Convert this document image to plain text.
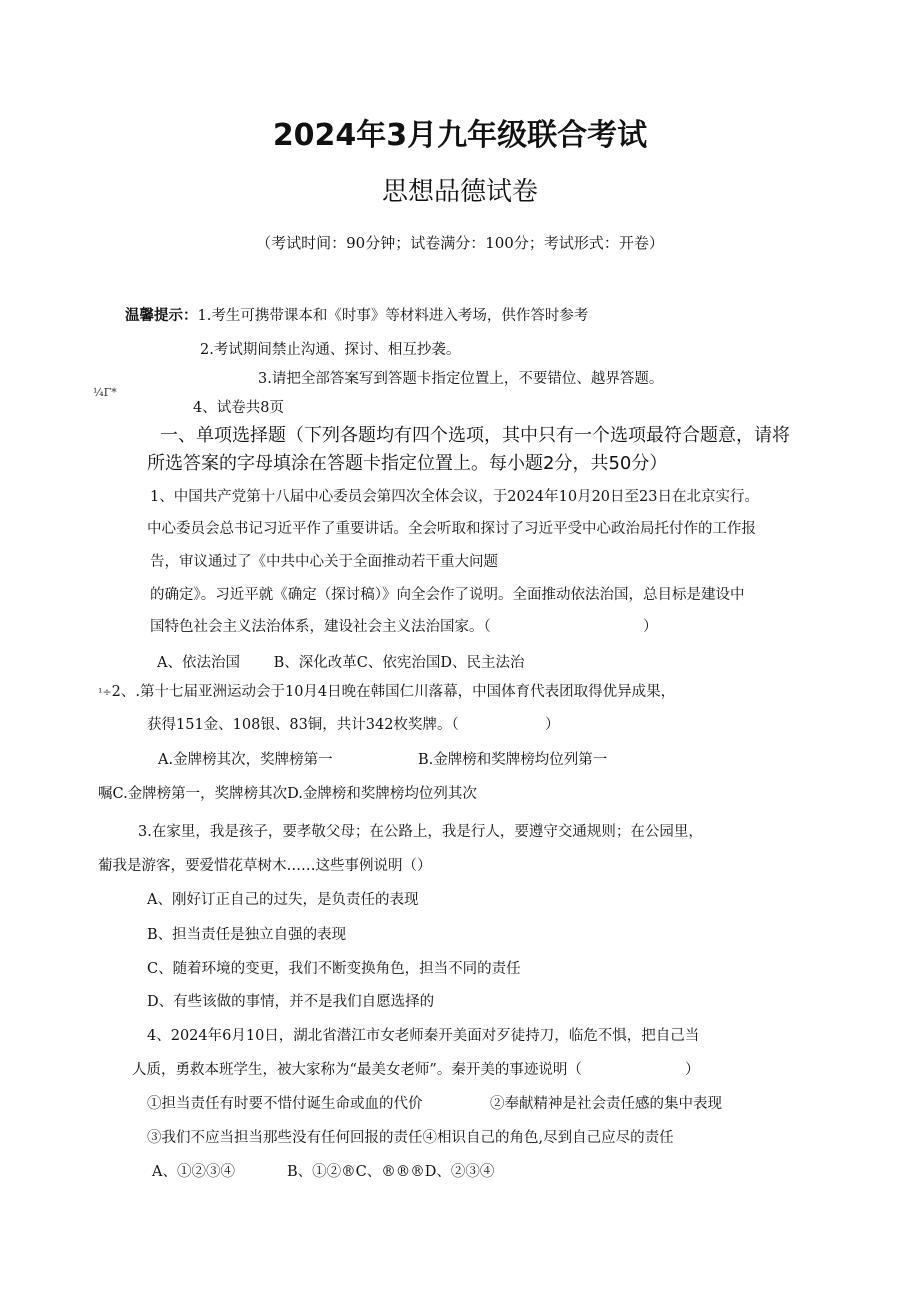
2024年3月九年级联合考试
思想品德试卷
（考试时间：90分钟；试卷满分：100分；考试形式：开卷）
温馨提示：1.考生可携带课本和《时事》等材料进入考场，供作答时参考
2.考试期间禁止沟通、探讨、相互抄袭。
3.请把全部答案写到答题卡指定位置上，不要错位、越界答题。
¼Γ*
4、试卷共8页
一、单项选择题（下列各题均有四个选项，其中只有一个选项最符合题意，请将
所选答案的字母填涂在答题卡指定位置上。每小题2分，共50分）
1、中国共产党第十八届中心委员会第四次全体会议，于2024年10月20日至23日在北京实行。
中心委员会总书记习近平作了重要讲话。全会听取和探讨了习近平受中心政治局托付作的工作报
告，审议通过了《中共中心关于全面推动若干重大问题
的确定》。习近平就《确定（探讨稿）》向全会作了说明。全面推动依法治国，总目标是建设中
国特色社会主义法治体系，建设社会主义法治国家。（	）
A、依法治国　　 B、深化改革C、依宪治国D、民主法治
¹÷2、.第十七届亚洲运动会于10月4日晚在韩国仁川落幕，中国体育代表团取得优异成果，
获得151金、108银、83铜，共计342枚奖牌。（	）
A.金牌榜其次，奖牌榜第一	B.金牌榜和奖牌榜均位列第一
嘱C.金牌榜第一，奖牌榜其次D.金牌榜和奖牌榜均位列其次
3.在家里，我是孩子，要孝敬父母；在公路上，我是行人，要遵守交通规则；在公园里，
葡我是游客，要爱惜花草树木……这些事例说明（）
A、刚好订正自己的过失，是负责任的表现
B、担当责任是独立自强的表现
C、随着环境的变更，我们不断变换角色，担当不同的责任
D、有些该做的事情，并不是我们自愿选择的
4、2024年6月10日，湖北省潜江市女老师秦开美面对歹徒持刀，临危不惧，把自己当
人质，勇救本班学生，被大家称为“最美女老师”。秦开美的事迹说明（	）
①担当责任有时要不惜付诞生命或血的代价	②奉献精神是社会责任感的集中表现
③我们不应当担当那些没有任何回报的责任④相识自己的角色,尽到自己应尽的责任
A、①②③④	B、①②®C、®®®D、②③④
